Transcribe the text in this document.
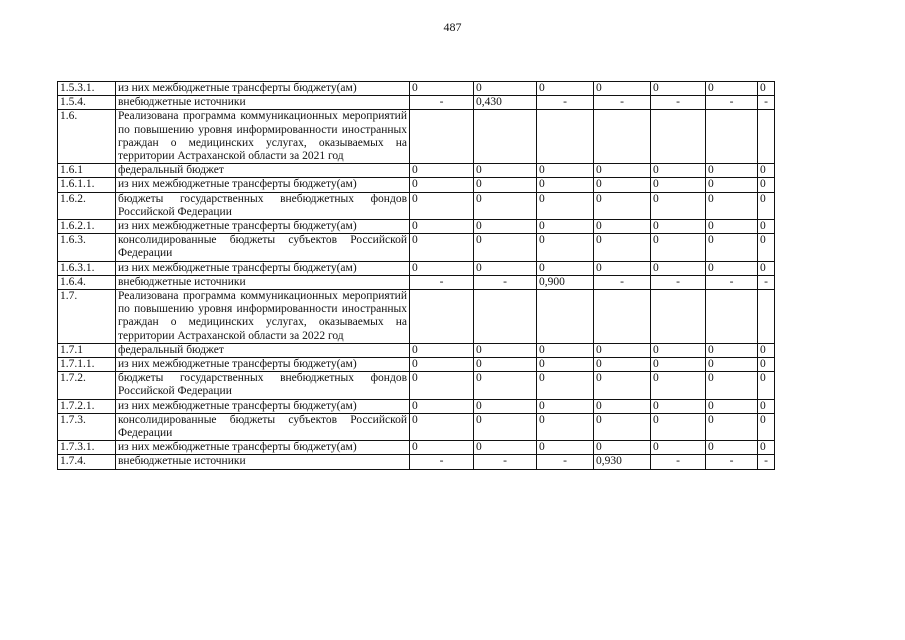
487
1.5.3.1.	из них межбюджетные трансферты бюджету(ам)	0	0	0	0	0	0	0
1.5.4.	внебюджетные источники	-	0,430	-	-	-	-	-
1.6.	Реализована программа коммуникационных мероприятий по повышению уровня информированности иностранных граждан о медицинских услугах, оказываемых на территории Астраханской области за 2021 год							
1.6.1	федеральный бюджет	0	0	0	0	0	0	0
1.6.1.1.	из них межбюджетные трансферты бюджету(ам)	0	0	0	0	0	0	0
1.6.2.	бюджеты государственных внебюджетных фондов Российской Федерации	0	0	0	0	0	0	0
1.6.2.1.	из них межбюджетные трансферты бюджету(ам)	0	0	0	0	0	0	0
1.6.3.	консолидированные бюджеты субъектов Российской Федерации	0	0	0	0	0	0	0
1.6.3.1.	из них межбюджетные трансферты бюджету(ам)	0	0	0	0	0	0	0
1.6.4.	внебюджетные источники	-	-	0,900	-	-	-	-
1.7.	Реализована программа коммуникационных мероприятий по повышению уровня информированности иностранных граждан о медицинских услугах, оказываемых на территории Астраханской области за 2022 год							
1.7.1	федеральный бюджет	0	0	0	0	0	0	0
1.7.1.1.	из них межбюджетные трансферты бюджету(ам)	0	0	0	0	0	0	0
1.7.2.	бюджеты государственных внебюджетных фондов Российской Федерации	0	0	0	0	0	0	0
1.7.2.1.	из них межбюджетные трансферты бюджету(ам)	0	0	0	0	0	0	0
1.7.3.	консолидированные бюджеты субъектов Российской Федерации	0	0	0	0	0	0	0
1.7.3.1.	из них межбюджетные трансферты бюджету(ам)	0	0	0	0	0	0	0
1.7.4.	внебюджетные источники	-	-	-	0,930	-	-	-
